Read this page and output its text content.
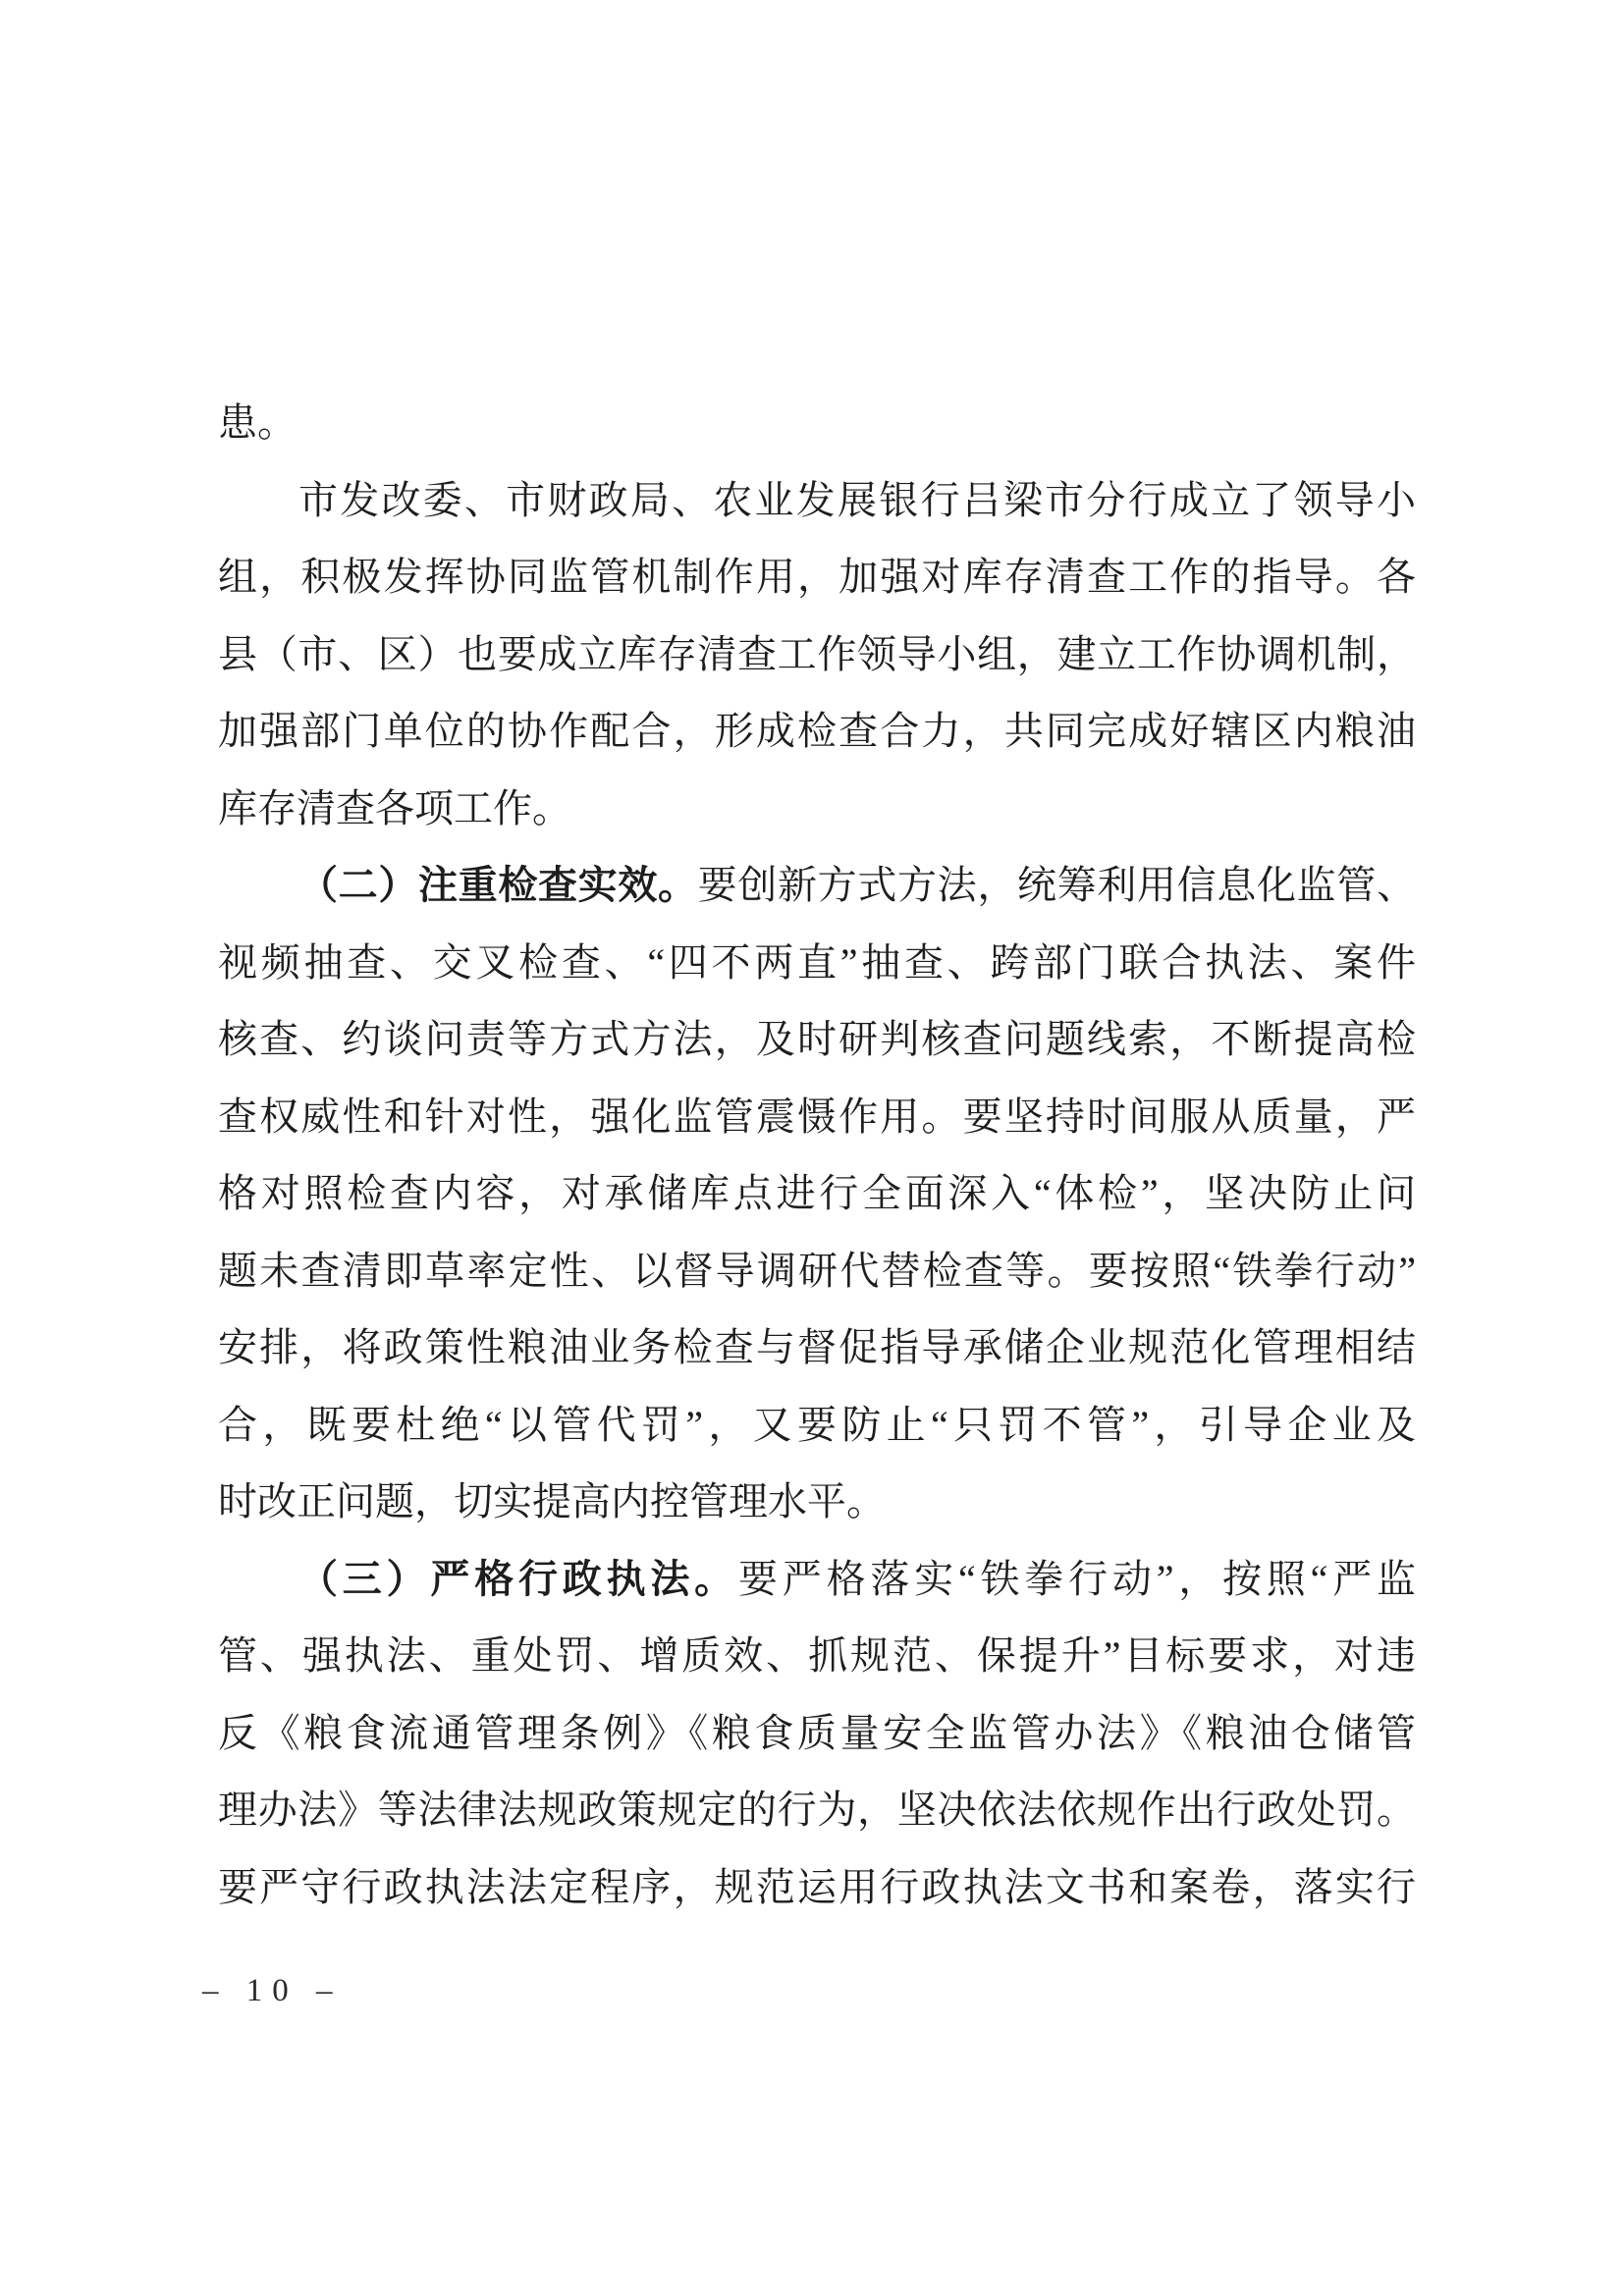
患。
市发改委、市财政局、农业发展银行吕梁市分行成立了领导小
组，积极发挥协同监管机制作用，加强对库存清查工作的指导。各
县（市、区）也要成立库存清查工作领导小组，建立工作协调机制，
加强部门单位的协作配合，形成检查合力，共同完成好辖区内粮油
库存清查各项工作。
（二）注重检查实效。要创新方式方法，统筹利用信息化监管、
视频抽查、交叉检查、“四不两直”抽查、跨部门联合执法、案件
核查、约谈问责等方式方法，及时研判核查问题线索，不断提高检
查权威性和针对性，强化监管震慑作用。要坚持时间服从质量，严
格对照检查内容，对承储库点进行全面深入“体检”，坚决防止问
题未查清即草率定性、以督导调研代替检查等。要按照“铁拳行动”
安排，将政策性粮油业务检查与督促指导承储企业规范化管理相结
合，既要杜绝“以管代罚”，又要防止“只罚不管”，引导企业及
时改正问题，切实提高内控管理水平。
（三）严格行政执法。要严格落实“铁拳行动”，按照“严监
管、强执法、重处罚、增质效、抓规范、保提升”目标要求，对违
反《粮食流通管理条例》《粮食质量安全监管办法》《粮油仓储管
理办法》等法律法规政策规定的行为，坚决依法依规作出行政处罚。
要严守行政执法法定程序，规范运用行政执法文书和案卷，落实行
– 10 –
